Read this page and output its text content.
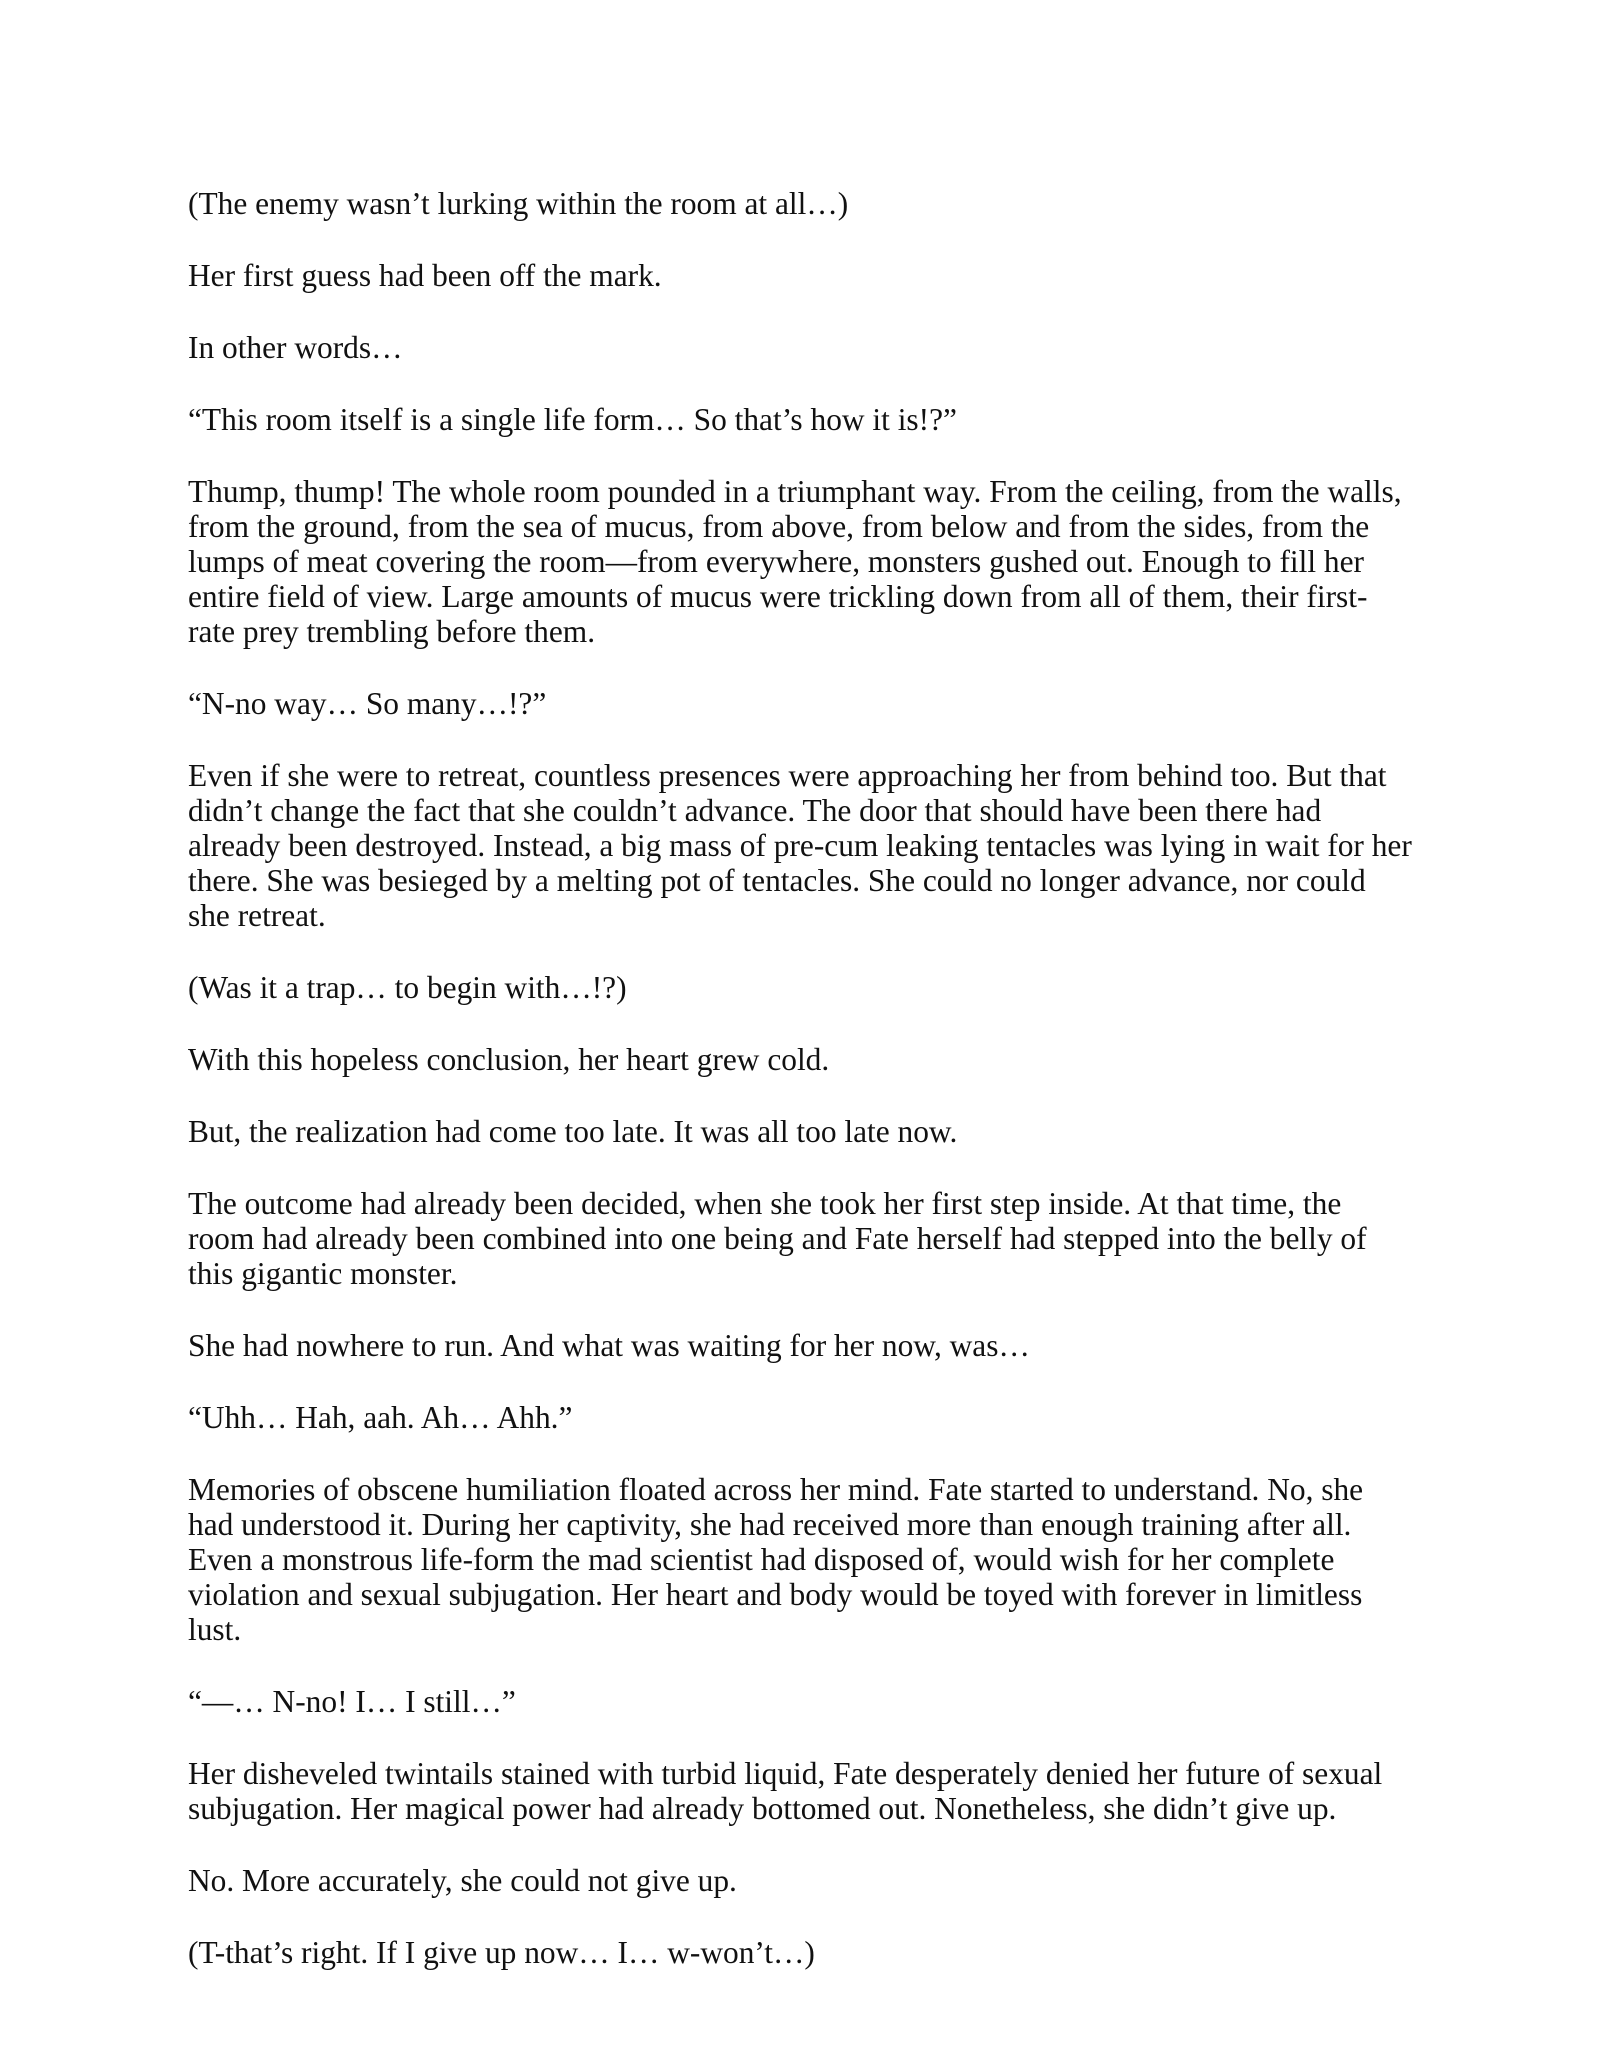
(The enemy wasn’t lurking within the room at all…)

Her first guess had been off the mark.

In other words…

“This room itself is a single life form… So that’s how it is!?”

Thump, thump! The whole room pounded in a triumphant way. From the ceiling, from the walls, from the ground, from the sea of mucus, from above, from below and from the sides, from the lumps of meat covering the room—from everywhere, monsters gushed out. Enough to fill her entire field of view. Large amounts of mucus were trickling down from all of them, their first-rate prey trembling before them.

“N-no way… So many…!?”

Even if she were to retreat, countless presences were approaching her from behind too. But that didn’t change the fact that she couldn’t advance. The door that should have been there had already been destroyed. Instead, a big mass of pre-cum leaking tentacles was lying in wait for her there. She was besieged by a melting pot of tentacles. She could no longer advance, nor could she retreat.

(Was it a trap… to begin with…!?)

With this hopeless conclusion, her heart grew cold.

But, the realization had come too late. It was all too late now.

The outcome had already been decided, when she took her first step inside. At that time, the room had already been combined into one being and Fate herself had stepped into the belly of this gigantic monster.

She had nowhere to run. And what was waiting for her now, was…

“Uhh… Hah, aah. Ah… Ahh.”

Memories of obscene humiliation floated across her mind. Fate started to understand. No, she had understood it. During her captivity, she had received more than enough training after all. Even a monstrous life-form the mad scientist had disposed of, would wish for her complete violation and sexual subjugation. Her heart and body would be toyed with forever in limitless lust.

“—… N-no! I… I still…”

Her disheveled twintails stained with turbid liquid, Fate desperately denied her future of sexual subjugation. Her magical power had already bottomed out. Nonetheless, she didn’t give up.

No. More accurately, she could not give up.

(T-that’s right. If I give up now… I… w-won’t…)
